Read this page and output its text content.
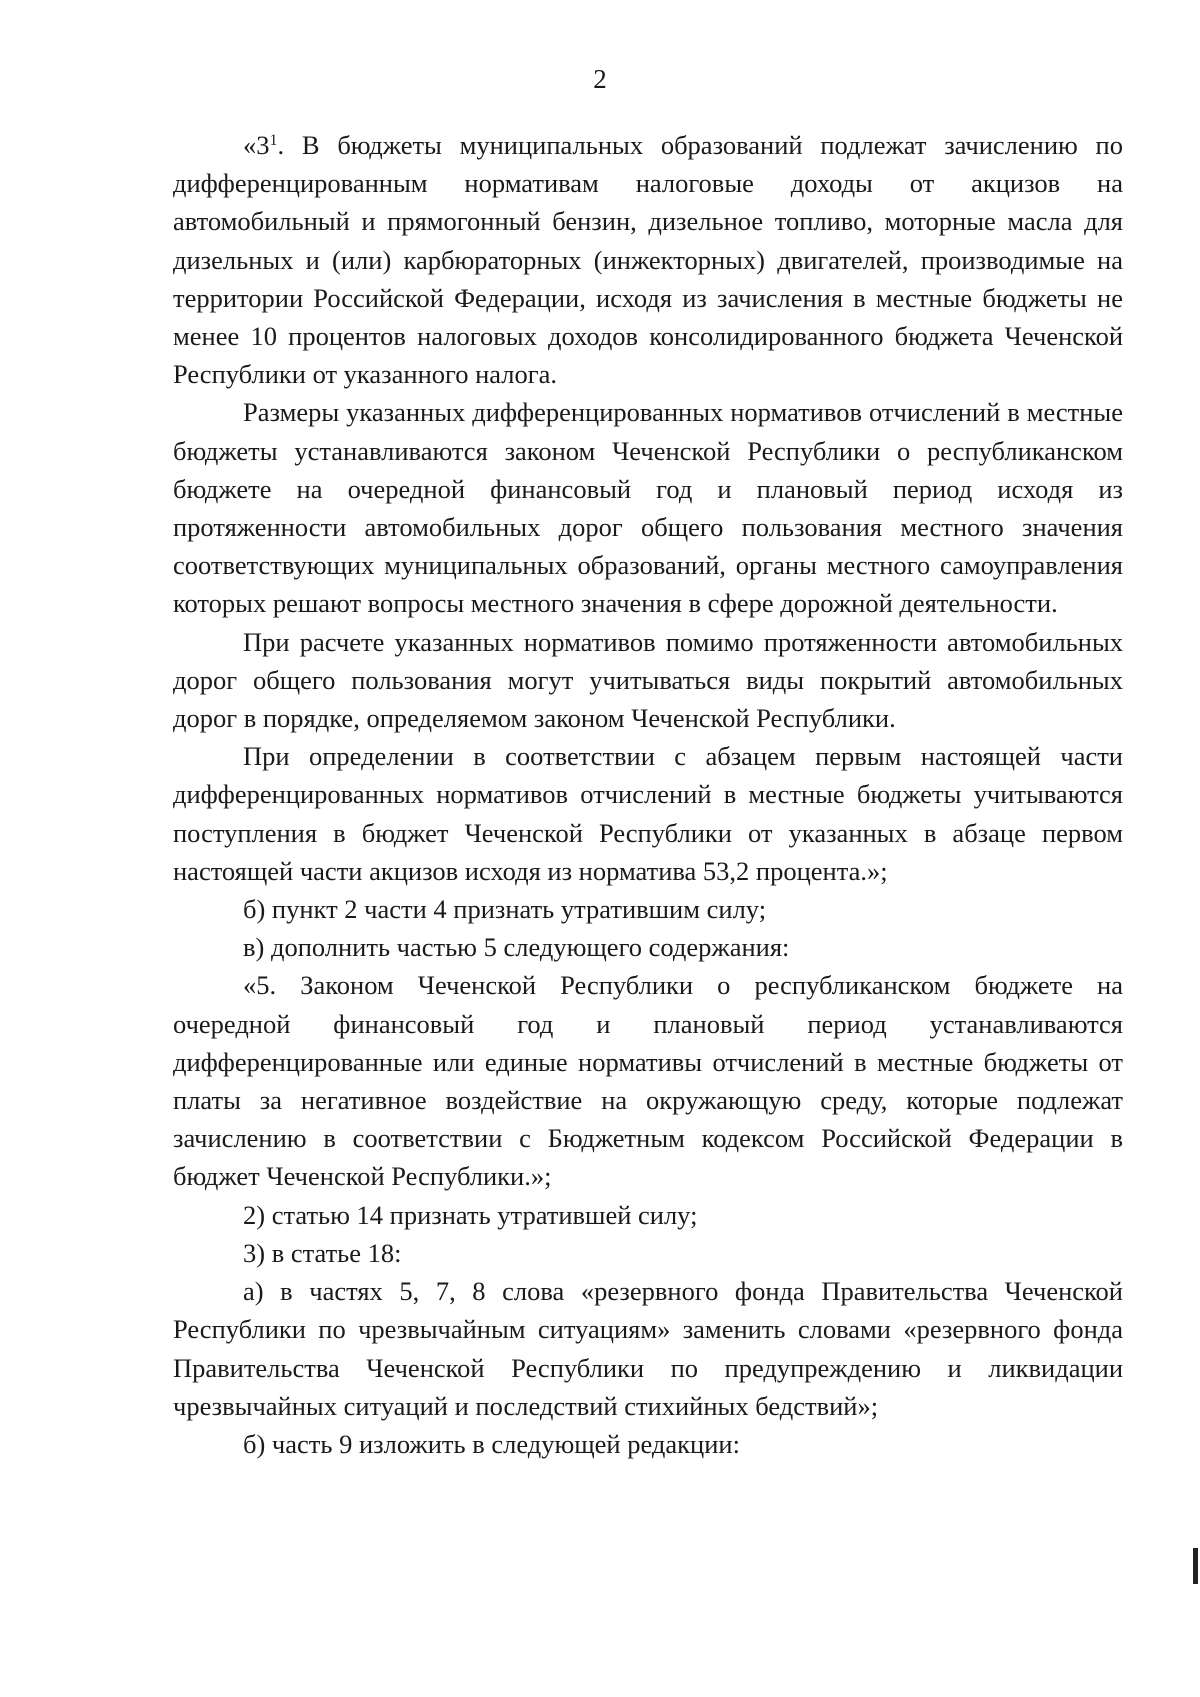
2

«$3^1$. В бюджеты муниципальных образований подлежат зачислению по дифференцированным нормативам налоговые доходы от акцизов на автомобильный и прямогонный бензин, дизельное топливо, моторные масла для дизельных и (или) карбюраторных (инжекторных) двигателей, производимые на территории Российской Федерации, исходя из зачисления в местные бюджеты не менее 10 процентов налоговых доходов консолидированного бюджета Чеченской Республики от указанного налога.

Размеры указанных дифференцированных нормативов отчислений в местные бюджеты устанавливаются законом Чеченской Республики о республиканском бюджете на очередной финансовый год и плановый период исходя из протяженности автомобильных дорог общего пользования местного значения соответствующих муниципальных образований, органы местного самоуправления которых решают вопросы местного значения в сфере дорожной деятельности.

При расчете указанных нормативов помимо протяженности автомобильных дорог общего пользования могут учитываться виды покрытий автомобильных дорог в порядке, определяемом законом Чеченской Республики.

При определении в соответствии с абзацем первым настоящей части дифференцированных нормативов отчислений в местные бюджеты учитываются поступления в бюджет Чеченской Республики от указанных в абзаце первом настоящей части акцизов исходя из норматива 53,2 процента.»;

б) пункт 2 части 4 признать утратившим силу;

в) дополнить частью 5 следующего содержания:

«5. Законом Чеченской Республики о республиканском бюджете на очередной финансовый год и плановый период устанавливаются дифференцированные или единые нормативы отчислений в местные бюджеты от платы за негативное воздействие на окружающую среду, которые подлежат зачислению в соответствии с Бюджетным кодексом Российской Федерации в бюджет Чеченской Республики.»;

2) статью 14 признать утратившей силу;

3) в статье 18:

а) в частях 5, 7, 8 слова «резервного фонда Правительства Чеченской Республики по чрезвычайным ситуациям» заменить словами «резервного фонда Правительства Чеченской Республики по предупреждению и ликвидации чрезвычайных ситуаций и последствий стихийных бедствий»;

б) часть 9 изложить в следующей редакции:
